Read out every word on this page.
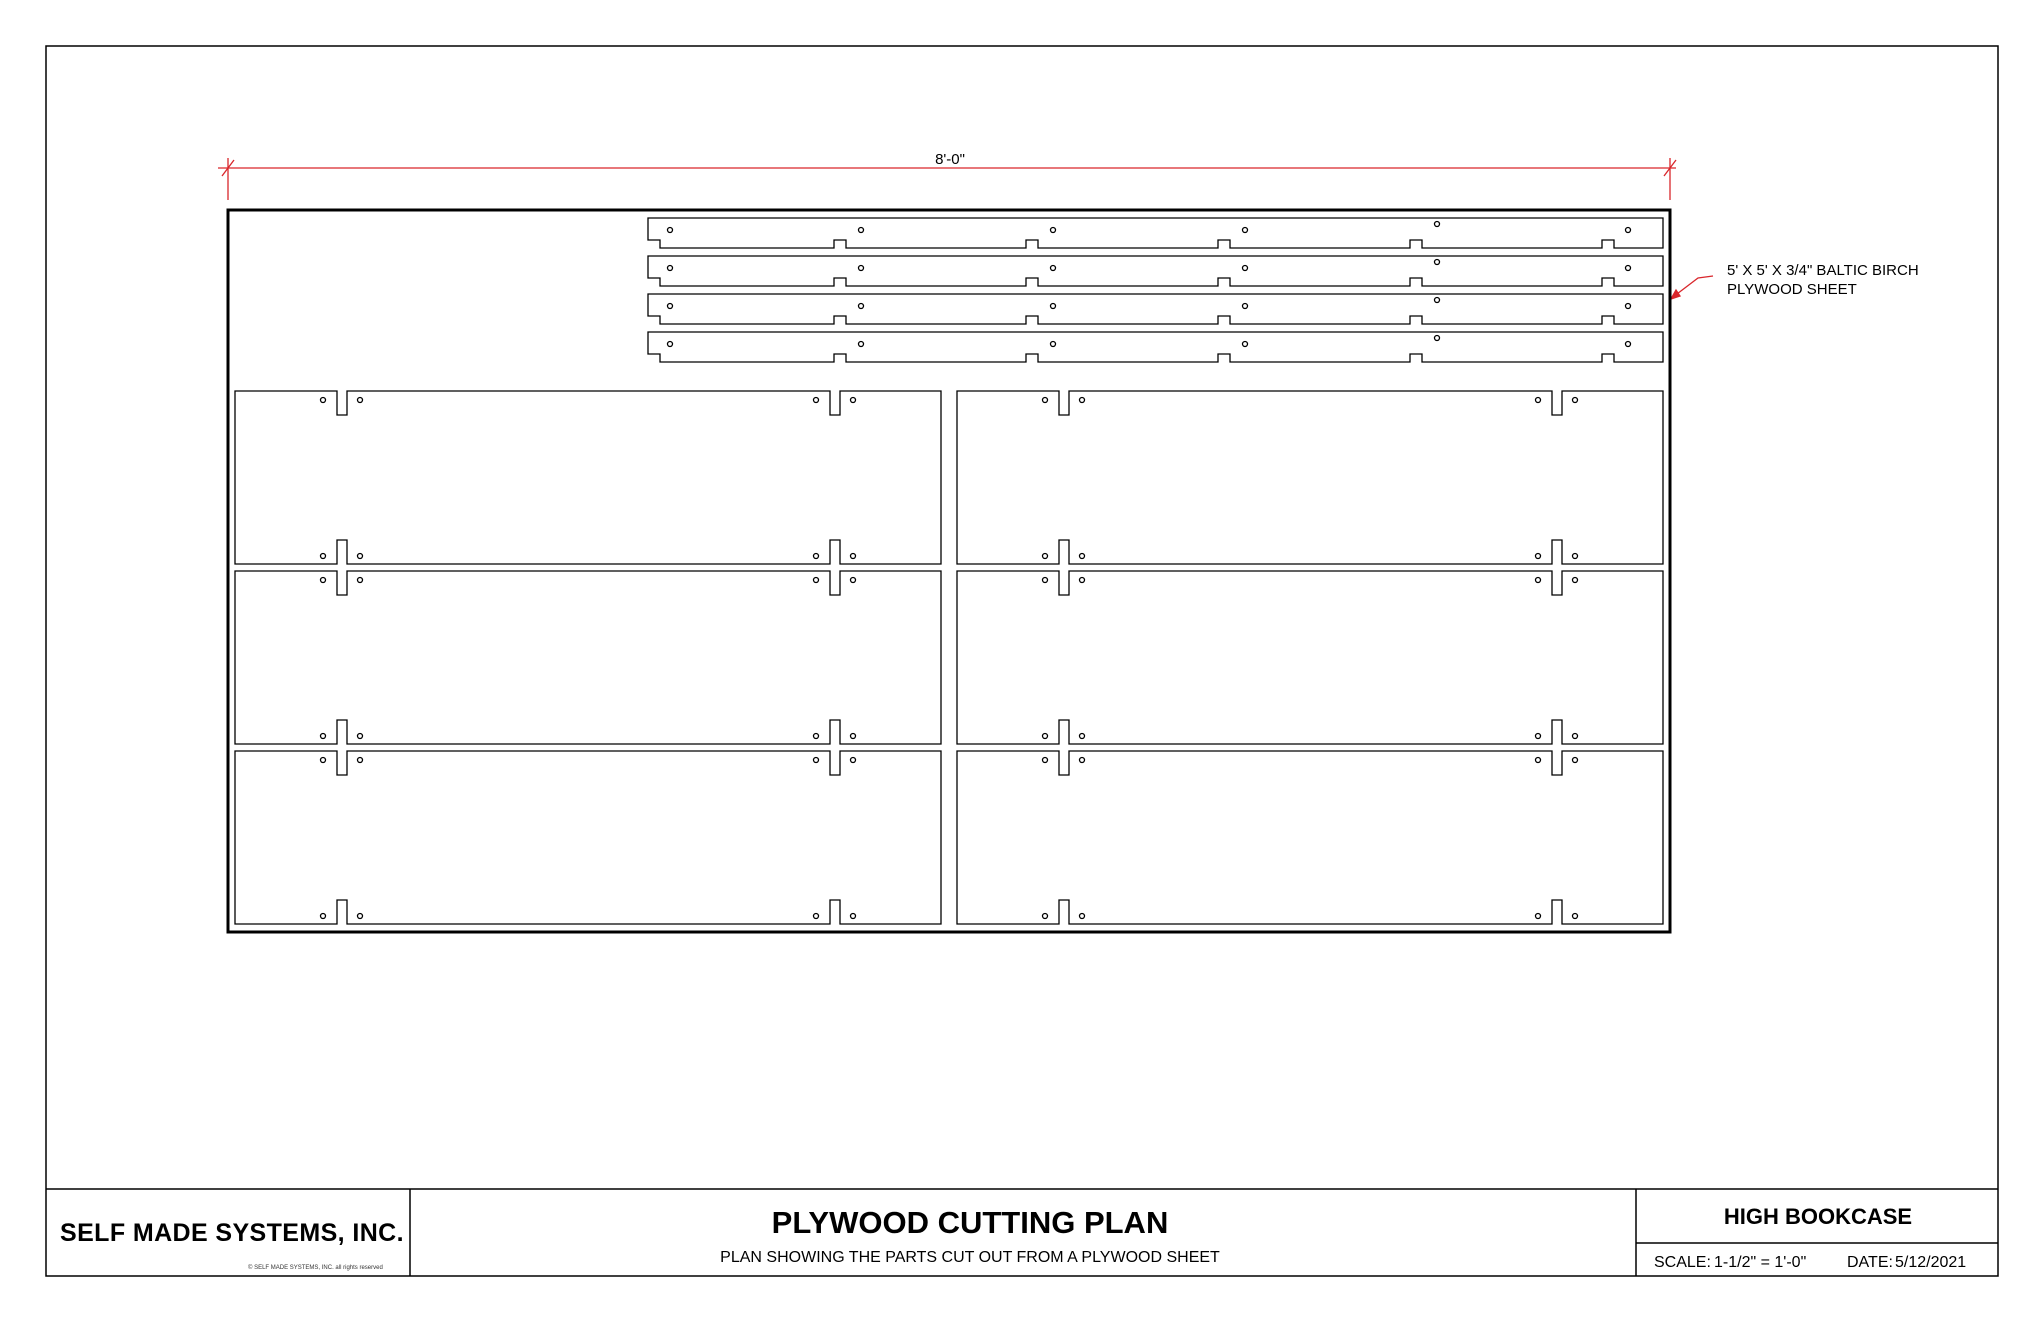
8'-0"
5' X 5' X 3/4" BALTIC BIRCH
PLYWOOD SHEET
SELF MADE SYSTEMS, INC.
© SELF MADE SYSTEMS, INC. all rights reserved
PLYWOOD CUTTING PLAN
PLAN SHOWING THE PARTS CUT OUT FROM A PLYWOOD SHEET
HIGH BOOKCASE
SCALE: 1-1/2" = 1'-0"	DATE: 5/12/2021
